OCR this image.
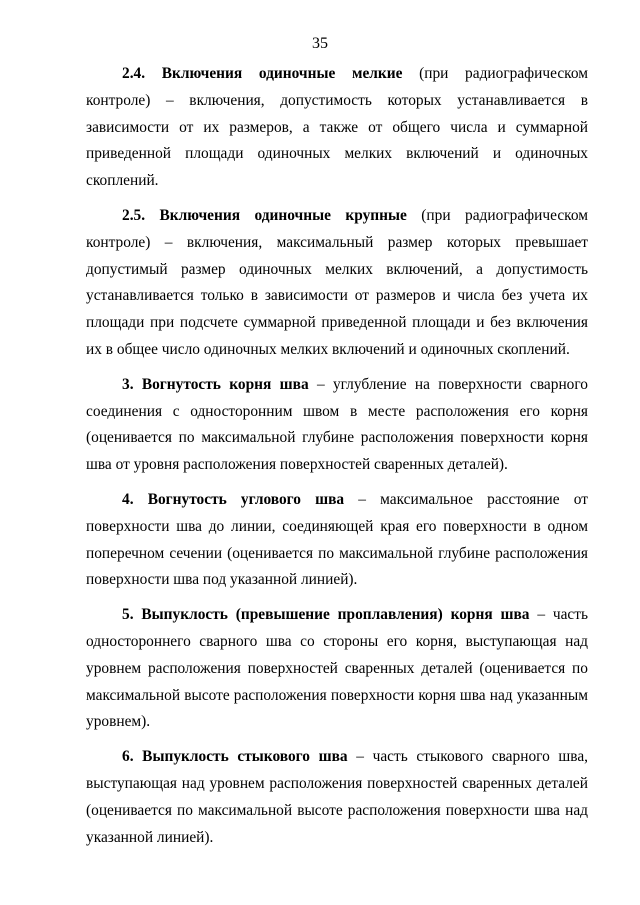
35

2.4. Включения одиночные мелкие (при радиографическом контроле) – включения, допустимость которых устанавливается в зависимости от их размеров, а также от общего числа и суммарной приведенной площади одиночных мелких включений и одиночных скоплений.

2.5. Включения одиночные крупные (при радиографическом контроле) – включения, максимальный размер которых превышает допустимый размер одиночных мелких включений, а допустимость устанавливается только в зависимости от размеров и числа без учета их площади при подсчете суммарной приведенной площади и без включения их в общее число одиночных мелких включений и одиночных скоплений.

3. Вогнутость корня шва – углубление на поверхности сварного соединения с односторонним швом в месте расположения его корня (оценивается по максимальной глубине расположения поверхности корня шва от уровня расположения поверхностей сваренных деталей).

4. Вогнутость углового шва – максимальное расстояние от поверхности шва до линии, соединяющей края его поверхности в одном поперечном сечении (оценивается по максимальной глубине расположения поверхности шва под указанной линией).

5. Выпуклость (превышение проплавления) корня шва – часть одностороннего сварного шва со стороны его корня, выступающая над уровнем расположения поверхностей сваренных деталей (оценивается по максимальной высоте расположения поверхности корня шва над указанным уровнем).

6. Выпуклость стыкового шва – часть стыкового сварного шва, выступающая над уровнем расположения поверхностей сваренных деталей (оценивается по максимальной высоте расположения поверхности шва над указанной линией).
